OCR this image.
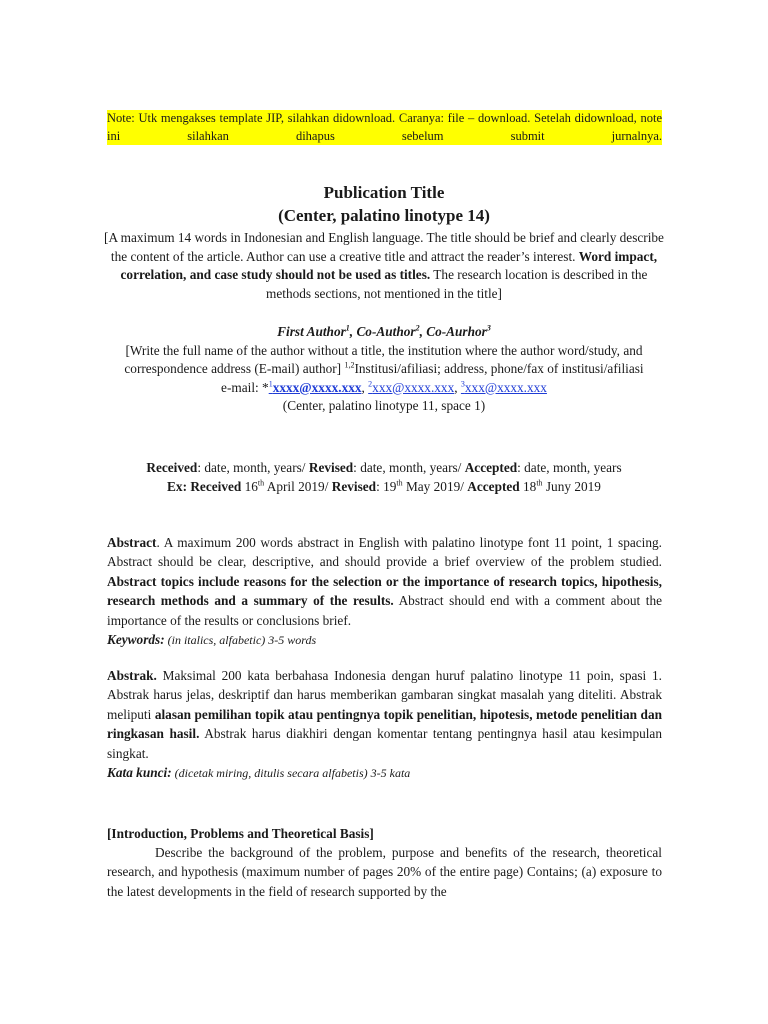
Note: Utk mengakses template JIP, silahkan didownload. Caranya: file – download. Setelah didownload, note ini silahkan dihapus sebelum submit jurnalnya.
Publication Title
(Center, palatino linotype 14)
[A maximum 14 words in Indonesian and English language. The title should be brief and clearly describe the content of the article. Author can use a creative title and attract the reader’s interest. Word impact, correlation, and case study should not be used as titles. The research location is described in the methods sections, not mentioned in the title]
First Author$^1$, Co-Author$^2$, Co-Aurhor$^3$
[Write the full name of the author without a title, the institution where the author word/study, and correspondence address (E-mail) author] $^{1,2}$Institusi/afiliasi; address, phone/fax of institusi/afiliasi
e-mail: *$^1$xxxx@xxxx.xxx, $^2$xxx@xxxx.xxx, $^3$xxx@xxxx.xxx
(Center, palatino linotype 11, space 1)
Received: date, month, years/ Revised: date, month, years/ Accepted: date, month, years
Ex: Received 16th April 2019/ Revised: 19th May 2019/ Accepted 18th Juny 2019
Abstract. A maximum 200 words abstract in English with palatino linotype font 11 point, 1 spacing. Abstract should be clear, descriptive, and should provide a brief overview of the problem studied. Abstract topics include reasons for the selection or the importance of research topics, hipothesis, research methods and a summary of the results. Abstract should end with a comment about the importance of the results or conclusions brief.
Keywords: (in italics, alfabetic) 3-5 words
Abstrak. Maksimal 200 kata berbahasa Indonesia dengan huruf palatino linotype 11 poin, spasi 1. Abstrak harus jelas, deskriptif dan harus memberikan gambaran singkat masalah yang diteliti. Abstrak meliputi alasan pemilihan topik atau pentingnya topik penelitian, hipotesis, metode penelitian dan ringkasan hasil. Abstrak harus diakhiri dengan komentar tentang pentingnya hasil atau kesimpulan singkat.
Kata kunci: (dicetak miring, ditulis secara alfabetis) 3-5 kata
[Introduction, Problems and Theoretical Basis]
Describe the background of the problem, purpose and benefits of the research, theoretical research, and hypothesis (maximum number of pages 20% of the entire page) Contains; (a) exposure to the latest developments in the field of research supported by the
